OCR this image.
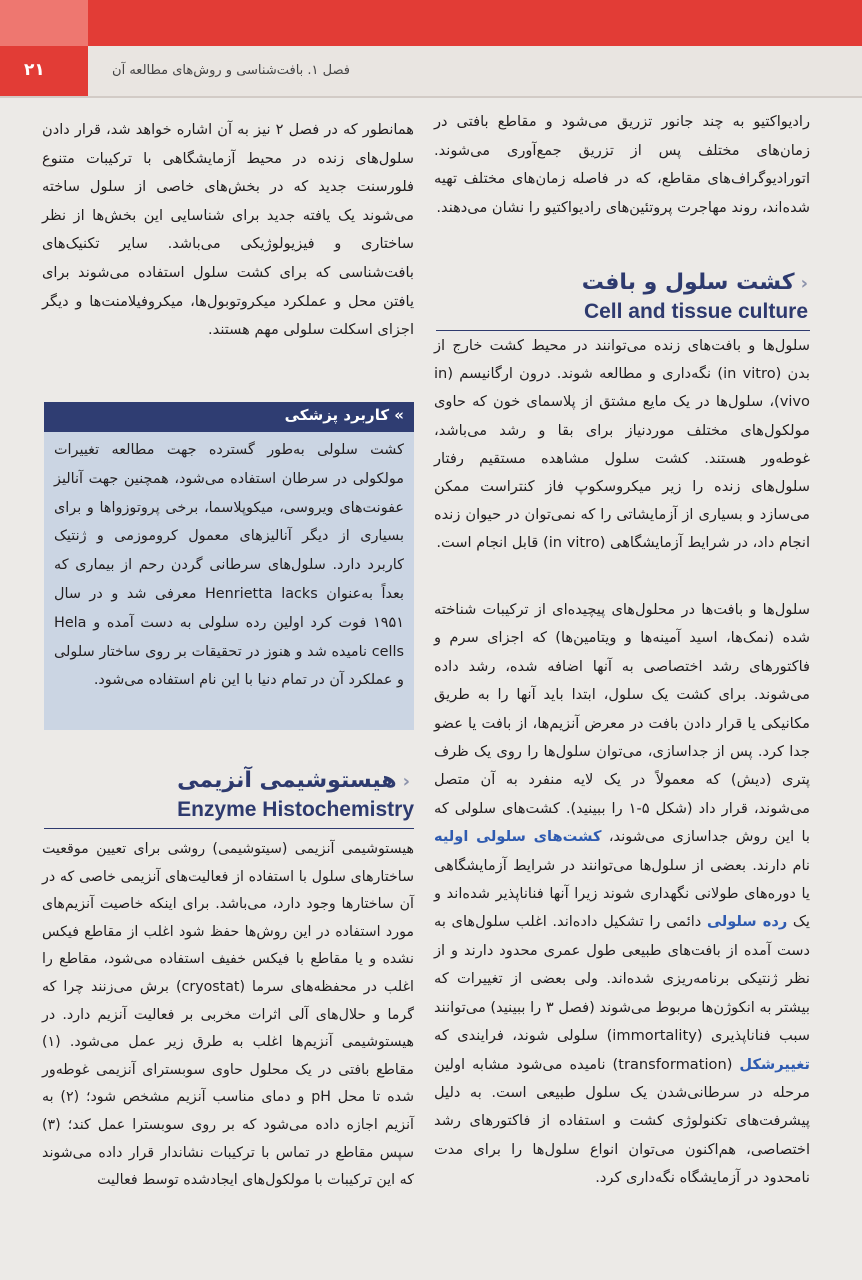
۲۱	فصل ۱. بافت‌شناسی و روش‌های مطالعه آن

همانطور که در فصل ۲ نیز به آن اشاره خواهد شد، قرار دادن سلول‌های زنده در محیط آزمایشگاهی با ترکیبات متنوع فلورسنت جدید که در بخش‌های خاصی از سلول ساخته می‌شوند یک یافته جدید برای شناسایی این بخش‌ها از نظر ساختاری و فیزیولوژیکی می‌باشد. سایر تکنیک‌های بافت‌شناسی که برای کشت سلول استفاده می‌شوند برای یافتن محل و عملکرد میکروتوبول‌ها، میکروفیلامنت‌ها و دیگر اجزای اسکلت سلولی مهم هستند.

» کاربرد پزشکی
کشت سلولی به‌طور گسترده جهت مطالعه تغییرات مولکولی در سرطان استفاده می‌شود، همچنین جهت آنالیز عفونت‌های ویروسی، میکوپلاسما، برخی پروتوزواها و برای بسیاری از دیگر آنالیزهای معمول کروموزمی و ژنتیک کاربرد دارد. سلول‌های سرطانی گردن رحم از بیماری که بعداً به‌عنوان Henrietta lacks معرفی شد و در سال ۱۹۵۱ فوت کرد اولین رده سلولی به دست آمده و Hela cells نامیده شد و هنوز در تحقیقات بر روی ساختار سلولی و عملکرد آن در تمام دنیا با این نام استفاده می‌شود.
‹هیستوشیمی آنزیمی
Enzyme Histochemistry

هیستوشیمی آنزیمی (سیتوشیمی) روشی برای تعیین موقعیت ساختارهای سلول با استفاده از فعالیت‌های آنزیمی خاصی که در آن ساختارها وجود دارد، می‌باشد. برای اینکه خاصیت آنزیم‌های مورد استفاده در این روش‌ها حفظ شود اغلب از مقاطع فیکس نشده و یا مقاطع با فیکس خفیف استفاده می‌شود، مقاطع را اغلب در محفظه‌های سرما (cryostat) برش می‌زنند چرا که گرما و حلال‌های آلی اثرات مخربی بر فعالیت آنزیم دارد. در هیستوشیمی آنزیم‌ها اغلب به طرق زیر عمل می‌شود. (۱) مقاطع بافتی در یک محلول حاوی سوبسترای آنزیمی غوطه‌ور شده تا محل pH و دمای مناسب آنزیم مشخص شود؛ (۲) به آنزیم اجازه داده می‌شود که بر روی سوبسترا عمل کند؛ (۳) سپس مقاطع در تماس با ترکیبات نشاندار قرار داده می‌شوند که این ترکیبات با مولکول‌های ایجادشده توسط فعالیت

رادیواکتیو به چند جانور تزریق می‌شود و مقاطع بافتی در زمان‌های مختلف پس از تزریق جمع‌آوری می‌شوند. اتورادیوگراف‌های مقاطع، که در فاصله زمان‌های مختلف تهیه شده‌اند، روند مهاجرت پروتئین‌های رادیواکتیو را نشان می‌دهند.

‹کشت سلول و بافت
Cell and tissue culture

سلول‌ها و بافت‌های زنده می‌توانند در محیط کشت خارج از بدن (in vitro) نگه‌داری و مطالعه شوند. درون ارگانیسم (in vivo)، سلول‌ها در یک مایع مشتق از پلاسمای خون که حاوی مولکول‌های مختلف موردنیاز برای بقا و رشد می‌باشد، غوطه‌ور هستند. کشت سلول مشاهده مستقیم رفتار سلول‌های زنده را زیر میکروسکوپ فاز کنتراست ممکن می‌سازد و بسیاری از آزمایشاتی را که نمی‌توان در حیوان زنده انجام داد، در شرایط آزمایشگاهی (in vitro) قابل انجام است.

سلول‌ها و بافت‌ها در محلول‌های پیچیده‌ای از ترکیبات شناخته شده (نمک‌ها، اسید آمینه‌ها و ویتامین‌ها) که اجزای سرم و فاکتورهای رشد اختصاصی به آنها اضافه شده، رشد داده می‌شوند. برای کشت یک سلول، ابتدا باید آنها را به طریق مکانیکی یا قرار دادن بافت در معرض آنزیم‌ها، از بافت یا عضو جدا کرد. پس از جداسازی، می‌توان سلول‌ها را روی یک ظرف پتری (دیش) که معمولاً در یک لایه منفرد به آن متصل می‌شوند، قرار داد (شکل ۵-۱ را ببینید). کشت‌های سلولی که با این روش جداسازی می‌شوند، کشت‌های سلولی اولیه نام دارند. بعضی از سلول‌ها می‌توانند در شرایط آزمایشگاهی یا دوره‌های طولانی نگهداری شوند زیرا آنها فناناپذیر شده‌اند و یک رده سلولی دائمی را تشکیل داده‌اند. اغلب سلول‌های به دست آمده از بافت‌های طبیعی طول عمری محدود دارند و از نظر ژنتیکی برنامه‌ریزی شده‌اند. ولی بعضی از تغییرات که بیشتر به انکوژن‌ها مربوط می‌شوند (فصل ۳ را ببینید) می‌توانند سبب فناناپذیری (immortality) سلولی شوند، فرایندی که تغییرشکل (transformation) نامیده می‌شود مشابه اولین مرحله در سرطانی‌شدن یک سلول طبیعی است. به دلیل پیشرفت‌های تکنولوژی کشت و استفاده از فاکتورهای رشد اختصاصی، هم‌اکنون می‌توان انواع سلول‌ها را برای مدت نامحدود در آزمایشگاه نگه‌داری کرد.
